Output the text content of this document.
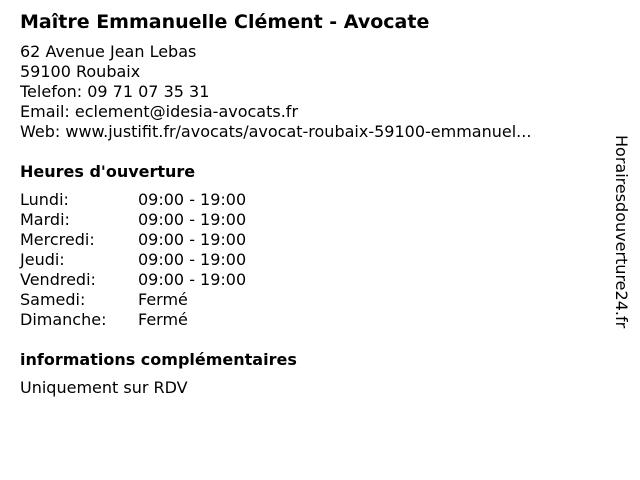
Maître Emmanuelle Clément - Avocate
62 Avenue Jean Lebas
59100 Roubaix
Telefon: 09 71 07 35 31
Email: eclement@idesia-avocats.fr
Web: www.justifit.fr/avocats/avocat-roubaix-59100-emmanuel...
Heures d'ouverture
Lundi:	09:00 - 19:00
Mardi:	09:00 - 19:00
Mercredi:	09:00 - 19:00
Jeudi:	09:00 - 19:00
Vendredi:	09:00 - 19:00
Samedi:	Fermé
Dimanche:	Fermé
informations complémentaires
Uniquement sur RDV
Horairesdouverture24.fr
